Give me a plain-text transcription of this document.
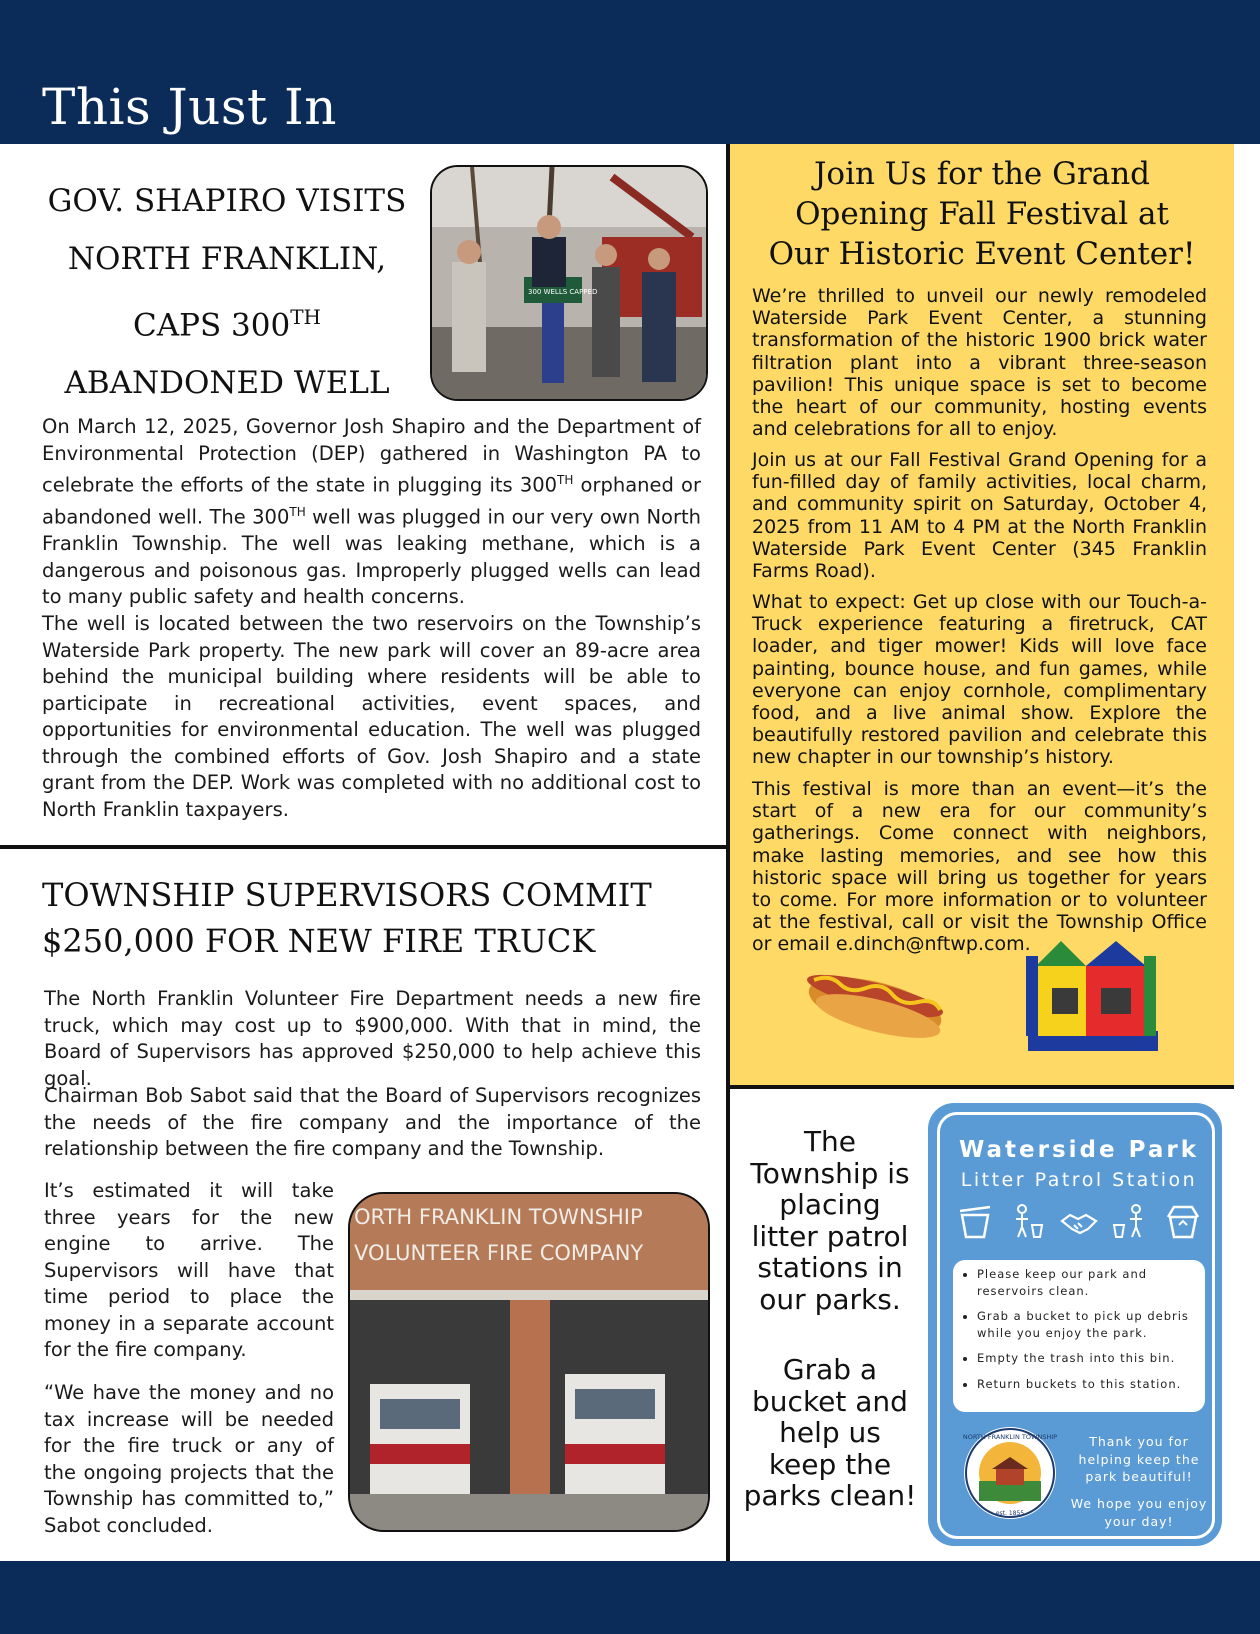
This Just In
GOV. SHAPIRO VISITS
NORTH FRANKLIN,
CAPS 300TH
ABANDONED WELL
300 WELLS CAPPED

On March 12, 2025, Governor Josh Shapiro and the Department of Environmental Protection (DEP) gathered in Washington PA to celebrate the efforts of the state in plugging its 300TH orphaned or abandoned well. The 300TH well was plugged in our very own North Franklin Township. The well was leaking methane, which is a dangerous and poisonous gas. Improperly plugged wells can lead to many public safety and health concerns.

The well is located between the two reservoirs on the Township’s Waterside Park property. The new park will cover an 89-acre area behind the municipal building where residents will be able to participate in recreational activities, event spaces, and opportunities for environmental education. The well was plugged through the combined efforts of Gov. Josh Shapiro and a state grant from the DEP. Work was completed with no additional cost to North Franklin taxpayers.

TOWNSHIP SUPERVISORS COMMIT
$250,000 FOR NEW FIRE TRUCK

The North Franklin Volunteer Fire Department needs a new fire truck, which may cost up to $900,000. With that in mind, the Board of Supervisors has approved $250,000 to help achieve this goal.

Chairman Bob Sabot said that the Board of Supervisors recognizes the needs of the fire company and the importance of the relationship between the fire company and the Township.

It’s estimated it will take three years for the new engine to arrive. The Supervisors will have that time period to place the money in a separate account for the fire company.

“We have the money and no tax increase will be needed for the fire truck or any of the ongoing projects that the Township has committed to,” Sabot concluded.

ORTH FRANKLIN TOWNSHIP
VOLUNTEER FIRE COMPANY
Join Us for the Grand
Opening Fall Festival at
Our Historic Event Center!

We’re thrilled to unveil our newly remodeled Waterside Park Event Center, a stunning transformation of the historic 1900 brick water filtration plant into a vibrant three-season pavilion! This unique space is set to become the heart of our community, hosting events and celebrations for all to enjoy.

Join us at our Fall Festival Grand Opening for a fun-filled day of family activities, local charm, and community spirit on Saturday, October 4, 2025 from 11 AM to 4 PM at the North Franklin Waterside Park Event Center (345 Franklin Farms Road).

What to expect: Get up close with our Touch-a-Truck experience featuring a firetruck, CAT loader, and tiger mower! Kids will love face painting, bounce house, and fun games, while everyone can enjoy cornhole, complimentary food, and a live animal show. Explore the beautifully restored pavilion and celebrate this new chapter in our township’s history.

This festival is more than an event—it’s the start of a new era for our community’s gatherings. Come connect with neighbors, make lasting memories, and see how this historic space will bring us together for years to come. For more information or to volunteer at the festival, call or visit the Township Office or email e.dinch@nftwp.com.

The
Township is
placing
litter patrol
stations in
our parks.

Grab a
bucket and
help us
keep the
parks clean!

Waterside Park

Litter Patrol Station

• Please keep our park and reservoirs clean.
• Grab a bucket to pick up debris while you enjoy the park.
• Empty the trash into this bin.
• Return buckets to this station.
NORTH FRANKLIN TOWNSHIP
est. 1855

Thank you for helping keep the park beautiful!

We hope you enjoy your day!
